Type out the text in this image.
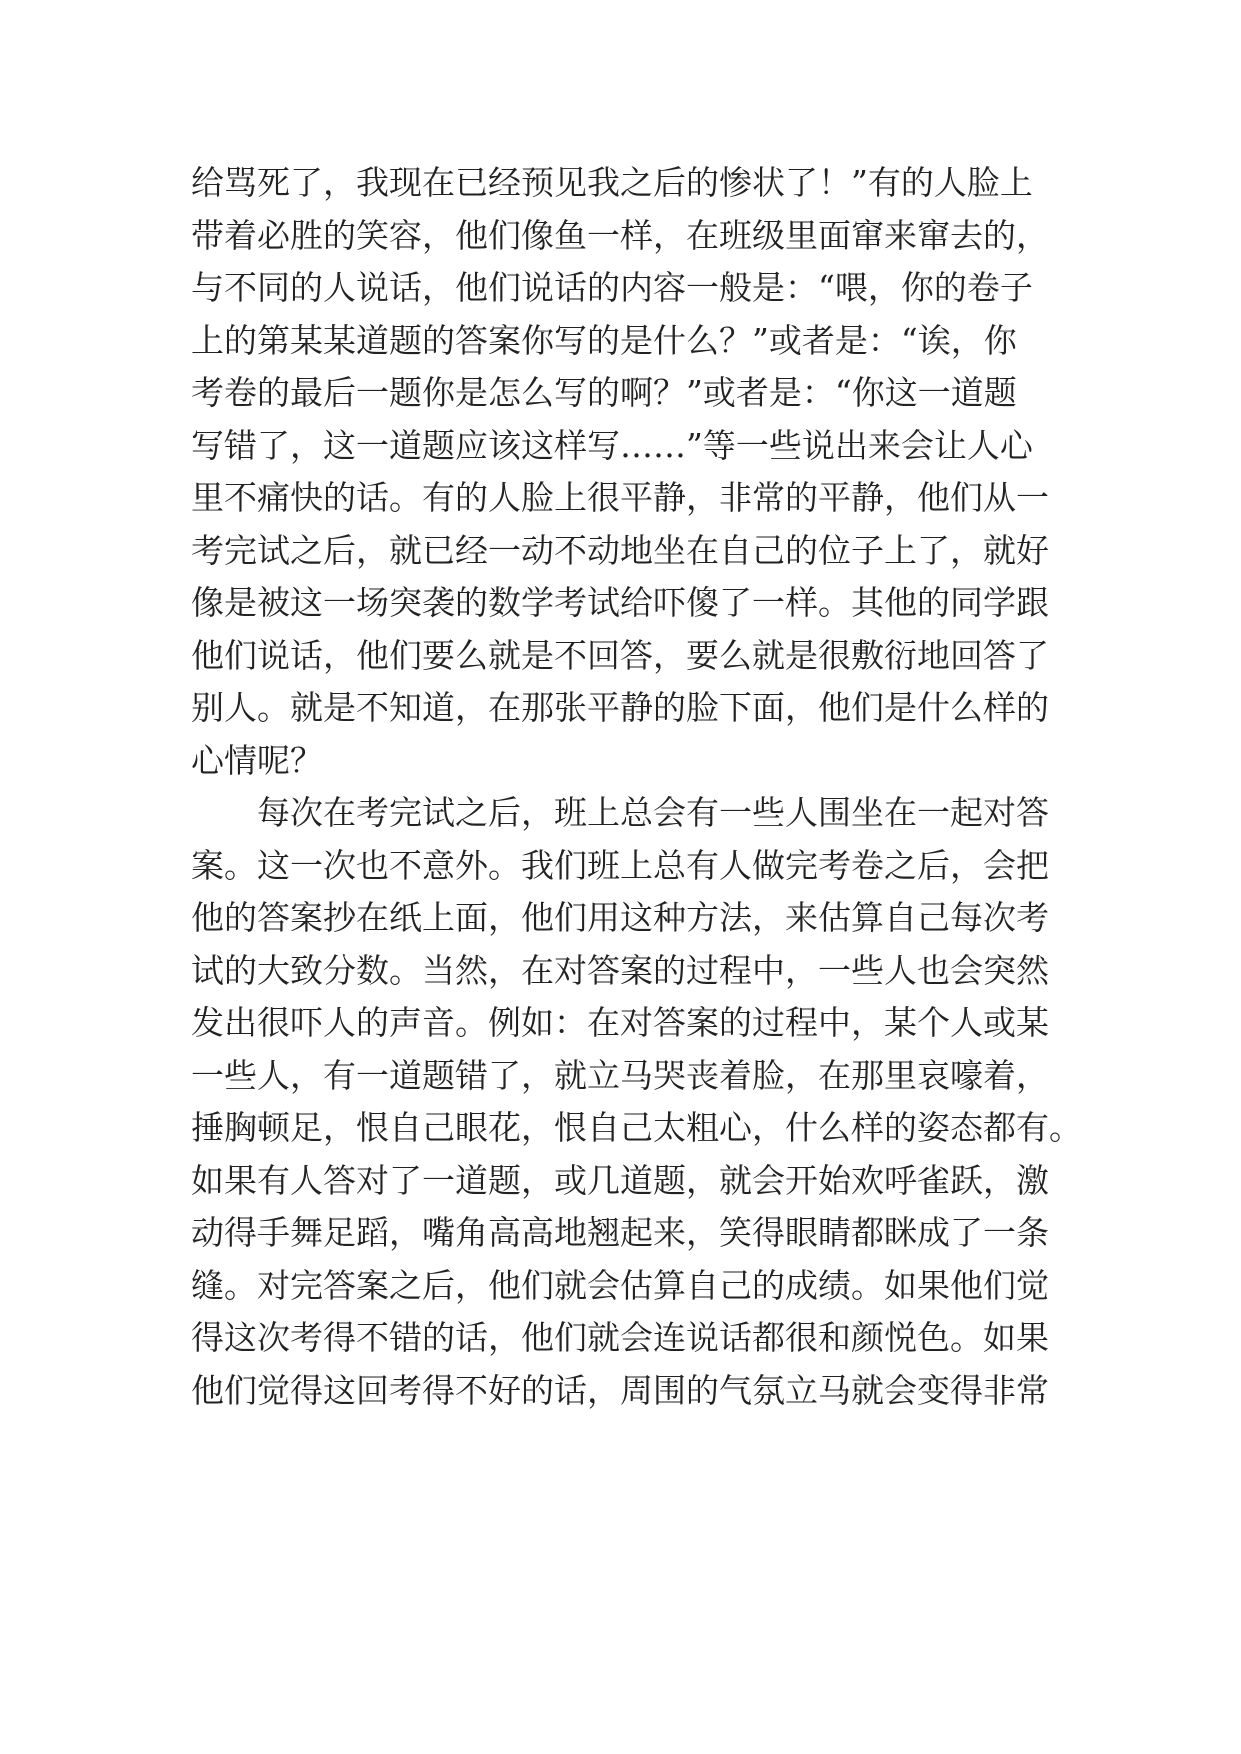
给骂死了，我现在已经预见我之后的惨状了！”有的人脸上
带着必胜的笑容，他们像鱼一样，在班级里面窜来窜去的，
与不同的人说话，他们说话的内容一般是：“喂，你的卷子
上的第某某道题的答案你写的是什么？”或者是：“诶，你
考卷的最后一题你是怎么写的啊？”或者是：“你这一道题
写错了，这一道题应该这样写……”等一些说出来会让人心
里不痛快的话。有的人脸上很平静，非常的平静，他们从一
考完试之后，就已经一动不动地坐在自己的位子上了，就好
像是被这一场突袭的数学考试给吓傻了一样。其他的同学跟
他们说话，他们要么就是不回答，要么就是很敷衍地回答了
别人。就是不知道，在那张平静的脸下面，他们是什么样的
心情呢？
每次在考完试之后，班上总会有一些人围坐在一起对答
案。这一次也不意外。我们班上总有人做完考卷之后，会把
他的答案抄在纸上面，他们用这种方法，来估算自己每次考
试的大致分数。当然，在对答案的过程中，一些人也会突然
发出很吓人的声音。例如：在对答案的过程中，某个人或某
一些人，有一道题错了，就立马哭丧着脸，在那里哀嚎着，
捶胸顿足，恨自己眼花，恨自己太粗心，什么样的姿态都有。
如果有人答对了一道题，或几道题，就会开始欢呼雀跃，激
动得手舞足蹈，嘴角高高地翘起来，笑得眼睛都眯成了一条
缝。对完答案之后，他们就会估算自己的成绩。如果他们觉
得这次考得不错的话，他们就会连说话都很和颜悦色。如果
他们觉得这回考得不好的话，周围的气氛立马就会变得非常
